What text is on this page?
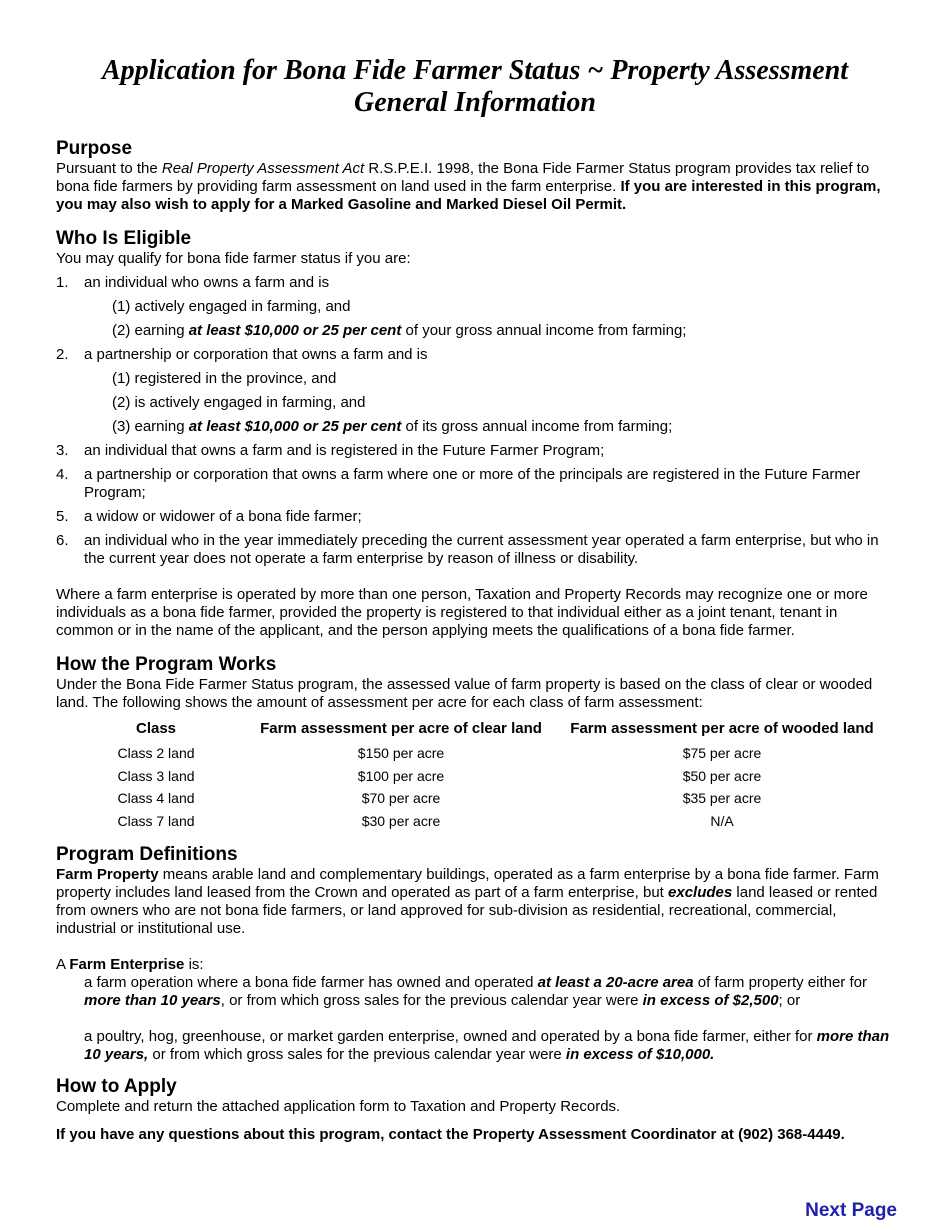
Application for Bona Fide Farmer Status ~ Property Assessment
General Information
Purpose

Pursuant to the Real Property Assessment Act R.S.P.E.I. 1998, the Bona Fide Farmer Status program provides tax relief to bona fide farmers by providing farm assessment on land used in the farm enterprise. If you are interested in this program, you may also wish to apply for a Marked Gasoline and Marked Diesel Oil Permit.

Who Is Eligible

You may qualify for bona fide farmer status if you are:

1. an individual who owns a farm and is
(1) actively engaged in farming, and
(2) earning at least $10,000 or 25 per cent of your gross annual income from farming;
2. a partnership or corporation that owns a farm and is
(1) registered in the province, and
(2) is actively engaged in farming, and
(3) earning at least $10,000 or 25 per cent of its gross annual income from farming;
3. an individual that owns a farm and is registered in the Future Farmer Program;
4. a partnership or corporation that owns a farm where one or more of the principals are registered in the Future Farmer Program;
5. a widow or widower of a bona fide farmer;
6. an individual who in the year immediately preceding the current assessment year operated a farm enterprise, but who in the current year does not operate a farm enterprise by reason of illness or disability.

Where a farm enterprise is operated by more than one person, Taxation and Property Records may recognize one or more individuals as a bona fide farmer, provided the property is registered to that individual either as a joint tenant, tenant in common or in the name of the applicant, and the person applying meets the qualifications of a bona fide farmer.

How the Program Works

Under the Bona Fide Farmer Status program, the assessed value of farm property is based on the class of clear or wooded land. The following shows the amount of assessment per acre for each class of farm assessment:

Class	Farm assessment per acre of clear land	Farm assessment per acre of wooded land
Class 2 land	$150 per acre	$75 per acre
Class 3 land	$100 per acre	$50 per acre
Class 4 land	$70 per acre	$35 per acre
Class 7 land	$30 per acre	N/A
Program Definitions

Farm Property means arable land and complementary buildings, operated as a farm enterprise by a bona fide farmer. Farm property includes land leased from the Crown and operated as part of a farm enterprise, but excludes land leased or rented from owners who are not bona fide farmers, or land approved for sub-division as residential, recreational, commercial, industrial or institutional use.

A Farm Enterprise is:

a farm operation where a bona fide farmer has owned and operated at least a 20-acre area of farm property either for more than 10 years, or from which gross sales for the previous calendar year were in excess of $2,500; or

a poultry, hog, greenhouse, or market garden enterprise, owned and operated by a bona fide farmer, either for more than 10 years, or from which gross sales for the previous calendar year were in excess of $10,000.

How to Apply

Complete and return the attached application form to Taxation and Property Records.

If you have any questions about this program, contact the Property Assessment Coordinator at (902) 368-4449.

Next Page
